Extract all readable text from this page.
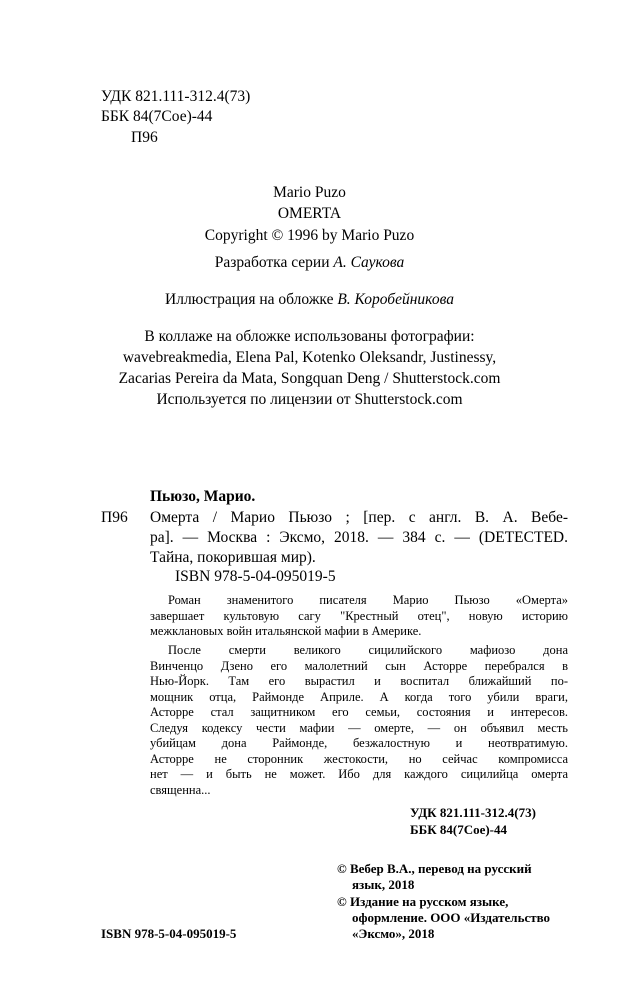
УДК 821.111-312.4(73)
ББК 84(7Сое)-44
П96
Mario Puzo
OMERTA
Copyright © 1996 by Mario Puzo
Разработка серии А. Саукова
Иллюстрация на обложке В. Коробейникова
В коллаже на обложке использованы фотографии:
wavebreakmedia, Elena Pal, Kotenko Oleksandr, Justinessy,
Zacarias Pereira da Mata, Songquan Deng / Shutterstock.com
Используется по лицензии от Shutterstock.com
Пьюзо, Марио.
П96 Омерта / Марио Пьюзо ; [пер. с англ. В. А. Вебе-
ра]. — Москва : Эксмо, 2018. — 384 с. — (DETECTED.
Тайна, покорившая мир).
ISBN 978-5-04-095019-5
Роман знаменитого писателя Марио Пьюзо «Омерта»
завершает культовую сагу "Крестный отец", новую историю
межклановых войн итальянской мафии в Америке.
После смерти великого сицилийского мафиозо дона
Винченцо Дзено его малолетний сын Асторре перебрался в
Нью-Йорк. Там его вырастил и воспитал ближайший по-
мощник отца, Раймонде Априле. А когда того убили враги,
Асторре стал защитником его семьи, состояния и интересов.
Следуя кодексу чести мафии — омерте, — он объявил месть
убийцам дона Раймонде, безжалостную и неотвратимую.
Асторре не сторонник жестокости, но сейчас компромисса
нет — и быть не может. Ибо для каждого сицилийца омерта
священна...
УДК 821.111-312.4(73)
ББК 84(7Сое)-44
© Вебер В.А., перевод на русский
язык, 2018
© Издание на русском языке,
оформление. ООО «Издательство
«Эксмо», 2018
ISBN 978-5-04-095019-5
